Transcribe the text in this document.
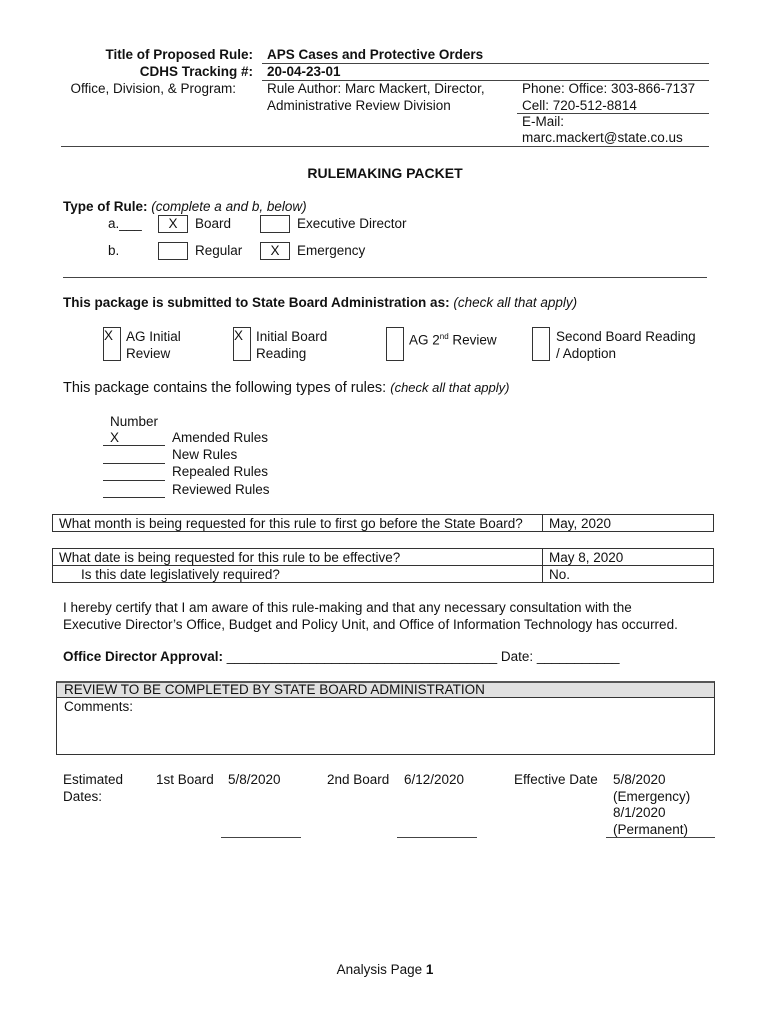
Title of Proposed Rule: APS Cases and Protective Orders
CDHS Tracking #: 20-04-23-01
Office, Division, & Program: Rule Author: Marc Mackert, Director,
Administrative Review Division
Phone: Office: 303-866-7137
Cell: 720-512-8814
E-Mail:
marc.mackert@state.co.us
RULEMAKING PACKET
Type of Rule: (complete a and b, below)
a.___	X	Board	Executive Director
b.	Regular	X	Emergency
This package is submitted to State Board Administration as: (check all that apply)
X AG Initial
Review
X Initial Board
Reading
AG 2nd Review	Second Board Reading
/ Adoption
This package contains the following types of rules: (check all that apply)
Number
X	Amended Rules
New Rules
Repealed Rules
Reviewed Rules
What month is being requested for this rule to first go before the State Board?	May, 2020
What date is being requested for this rule to be effective?	May 8, 2020
Is this date legislatively required?	No.
I hereby certify that I am aware of this rule-making and that any necessary consultation with the
Executive Director’s Office, Budget and Policy Unit, and Office of Information Technology has occurred.
Office Director Approval: ____________________________________ Date: ___________
REVIEW TO BE COMPLETED BY STATE BOARD ADMINISTRATION
Comments:
Estimated
Dates:
1st Board 5/8/2020	2nd Board 6/12/2020	Effective Date 5/8/2020
(Emergency)
8/1/2020
(Permanent)
Analysis Page 1
